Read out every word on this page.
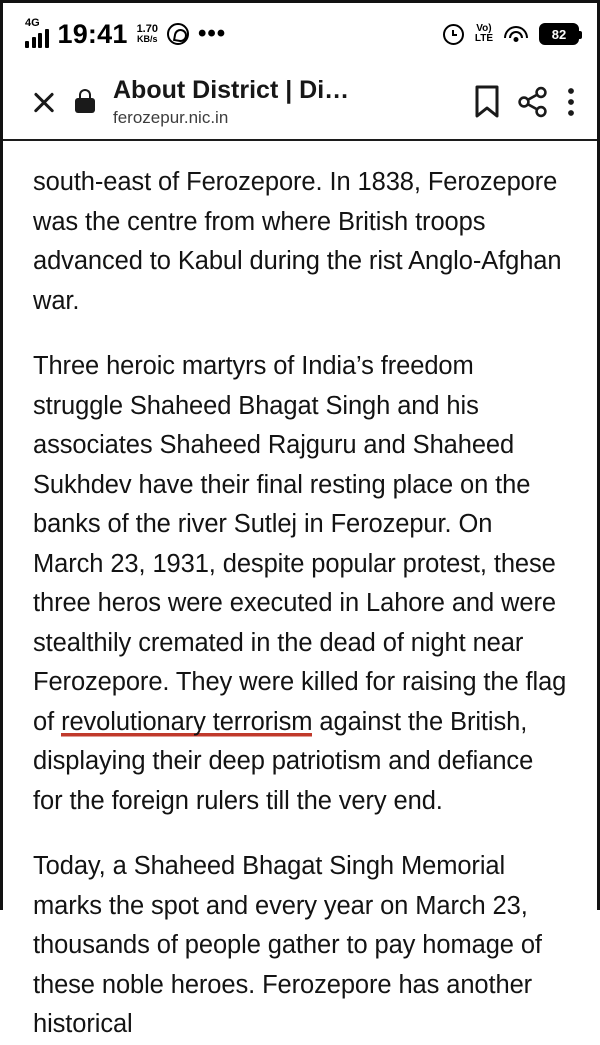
4G 19:41 1.70
KB/s •••	Vo)
LTE	82
About District | Di…
ferozepur.nic.in

south-east of Ferozepore. In 1838, Ferozepore was the centre from where British troops advanced to Kabul during the rist Anglo-Afghan war.

Three heroic martyrs of India’s freedom struggle Shaheed Bhagat Singh and his associates Shaheed Rajguru and Shaheed Sukhdev have their final resting place on the banks of the river Sutlej in Ferozepur. On March 23, 1931, despite popular protest, these three heros were executed in Lahore and were stealthily cremated in the dead of night near Ferozepore. They were killed for raising the flag of revolutionary terrorism against the British, displaying their deep patriotism and defiance for the foreign rulers till the very end.

Today, a Shaheed Bhagat Singh Memorial marks the spot and every year on March 23, thousands of people gather to pay homage of these noble heroes. Ferozepore has another historical
